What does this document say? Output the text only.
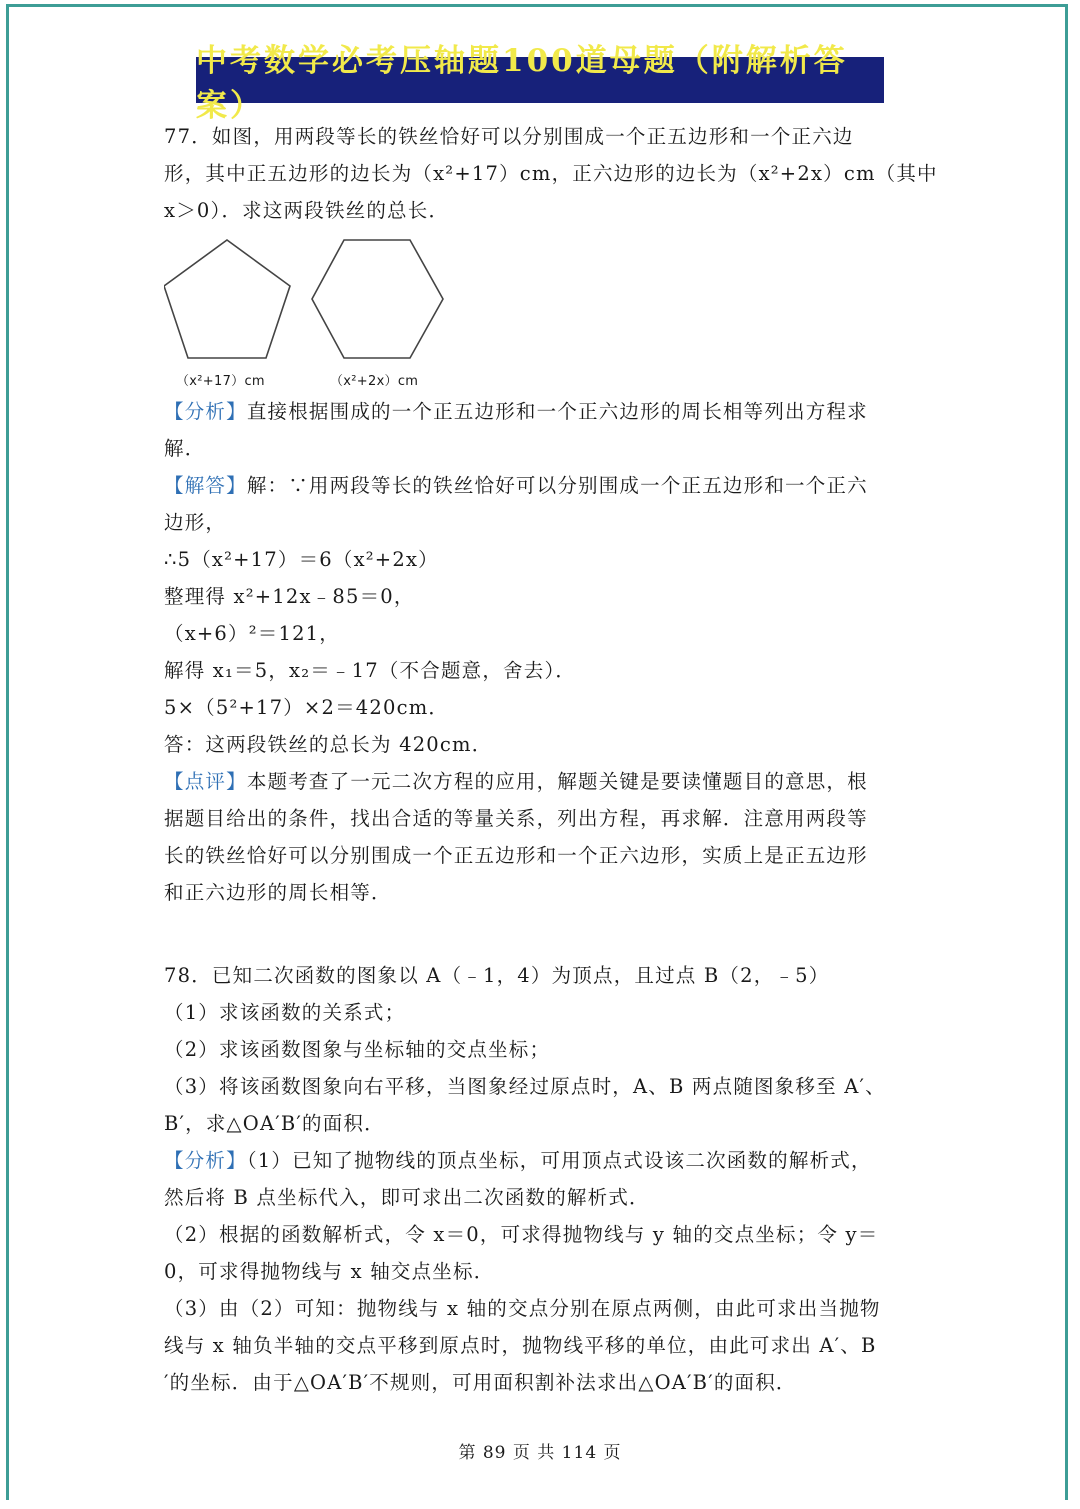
中考数学必考压轴题100道母题（附解析答案）
77．如图，用两段等长的铁丝恰好可以分别围成一个正五边形和一个正六边
形，其中正五边形的边长为（x²+17）cm，正六边形的边长为（x²+2x）cm（其中
x＞0）．求这两段铁丝的总长．
（x²+17）cm	（x²+2x）cm
【分析】直接根据围成的一个正五边形和一个正六边形的周长相等列出方程求
解．
【解答】解：∵用两段等长的铁丝恰好可以分别围成一个正五边形和一个正六
边形，
∴5（x²+17）＝6（x²+2x）
整理得 x²+12x﹣85＝0，
（x+6）²＝121，
解得 x₁＝5，x₂＝﹣17（不合题意，舍去）．
5×（5²+17）×2＝420cm．
答：这两段铁丝的总长为 420cm．
【点评】本题考查了一元二次方程的应用，解题关键是要读懂题目的意思，根
据题目给出的条件，找出合适的等量关系，列出方程，再求解．注意用两段等
长的铁丝恰好可以分别围成一个正五边形和一个正六边形，实质上是正五边形
和正六边形的周长相等．
78．已知二次函数的图象以 A（﹣1，4）为顶点，且过点 B（2，﹣5）
（1）求该函数的关系式；
（2）求该函数图象与坐标轴的交点坐标；
（3）将该函数图象向右平移，当图象经过原点时，A、B 两点随图象移至 A′、
B′，求△OA′B′的面积．
【分析】（1）已知了抛物线的顶点坐标，可用顶点式设该二次函数的解析式，
然后将 B 点坐标代入，即可求出二次函数的解析式．
（2）根据的函数解析式，令 x＝0，可求得抛物线与 y 轴的交点坐标；令 y＝
0，可求得抛物线与 x 轴交点坐标．
（3）由（2）可知：抛物线与 x 轴的交点分别在原点两侧，由此可求出当抛物
线与 x 轴负半轴的交点平移到原点时，抛物线平移的单位，由此可求出 A′、B
′的坐标．由于△OA′B′不规则，可用面积割补法求出△OA′B′的面积．
第 89 页 共 114 页
